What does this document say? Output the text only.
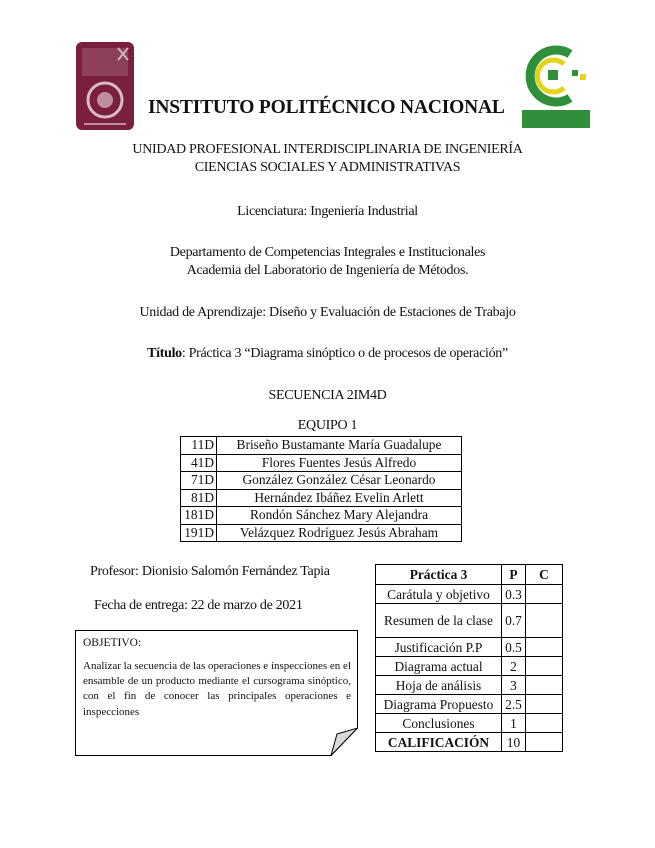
INSTITUTO POLITÉCNICO NACIONAL
UNIDAD PROFESIONAL INTERDISCIPLINARIA DE INGENIERÍA
CIENCIAS SOCIALES Y ADMINISTRATIVAS
Licenciatura: Ingeniería Industrial
Departamento de Competencias Integrales e Institucionales
Academia del Laboratorio de Ingeniería de Métodos.
Unidad de Aprendizaje: Diseño y Evaluación de Estaciones de Trabajo
Título: Práctica 3 “Diagrama sinóptico o de procesos de operación”
SECUENCIA 2IM4D
EQUIPO 1
11D	Briseño Bustamante María Guadalupe
41D	Flores Fuentes Jesús Alfredo
71D	González González César Leonardo
81D	Hernández Ibáñez Evelin Arlett
181D	Rondón Sánchez Mary Alejandra
191D	Velázquez Rodríguez Jesús Abraham
Profesor: Dionisio Salomón Fernández Tapia
Fecha de entrega: 22 de marzo de 2021
OBJETIVO:
Analizar la secuencia de las operaciones e inspecciones en el ensamble de un producto mediante el cursograma sinóptico, con el fin de conocer las principales operaciones e inspecciones
Práctica 3	P	C
Carátula y objetivo	0.3	
Resumen de la clase	0.7	
Justificación P.P	0.5	
Diagrama actual	2	
Hoja de análisis	3	
Diagrama Propuesto	2.5	
Conclusiones	1	
CALIFICACIÓN	10	
